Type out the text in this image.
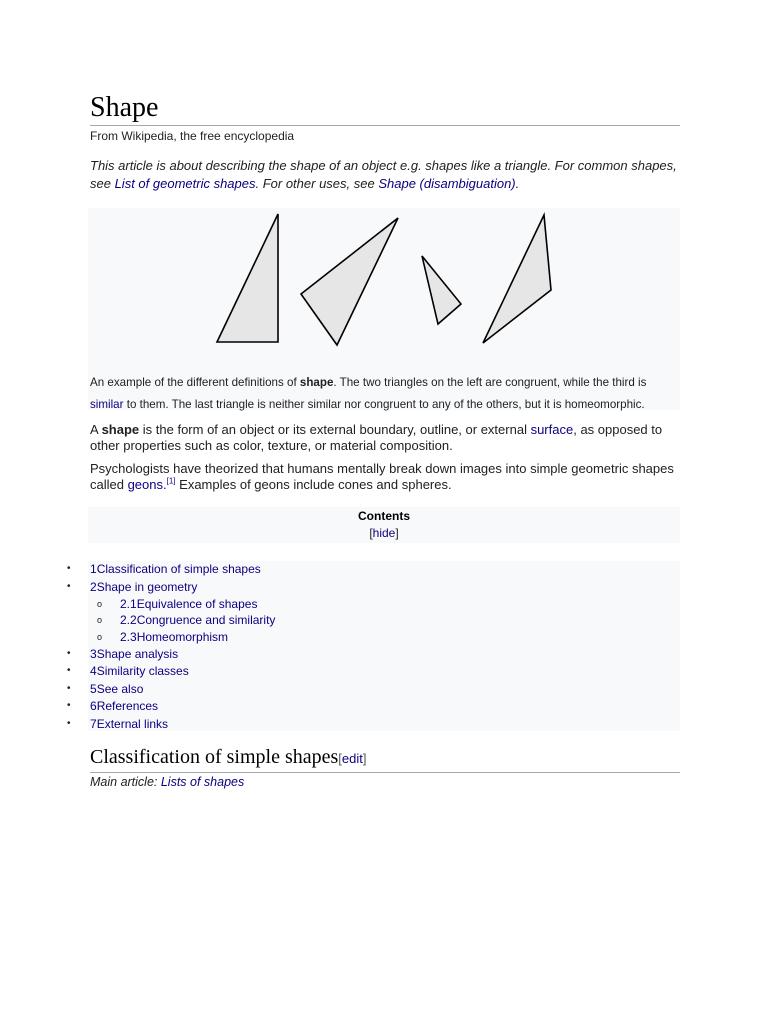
Shape
From Wikipedia, the free encyclopedia
This article is about describing the shape of an object e.g. shapes like a triangle. For common shapes, see List of geometric shapes. For other uses, see Shape (disambiguation).
An example of the different definitions of shape. The two triangles on the left are congruent, while the third is similar to them. The last triangle is neither similar nor congruent to any of the others, but it is homeomorphic.
A shape is the form of an object or its external boundary, outline, or external surface, as opposed to other properties such as color, texture, or material composition.
Psychologists have theorized that humans mentally break down images into simple geometric shapes called geons.[1] Examples of geons include cones and spheres.
Contents
[hide]
• 1Classification of simple shapes
• 2Shape in geometry
o 2.1Equivalence of shapes
o 2.2Congruence and similarity
o 2.3Homeomorphism
• 3Shape analysis
• 4Similarity classes
• 5See also
• 6References
• 7External links
Classification of simple shapes[edit]
Main article: Lists of shapes
